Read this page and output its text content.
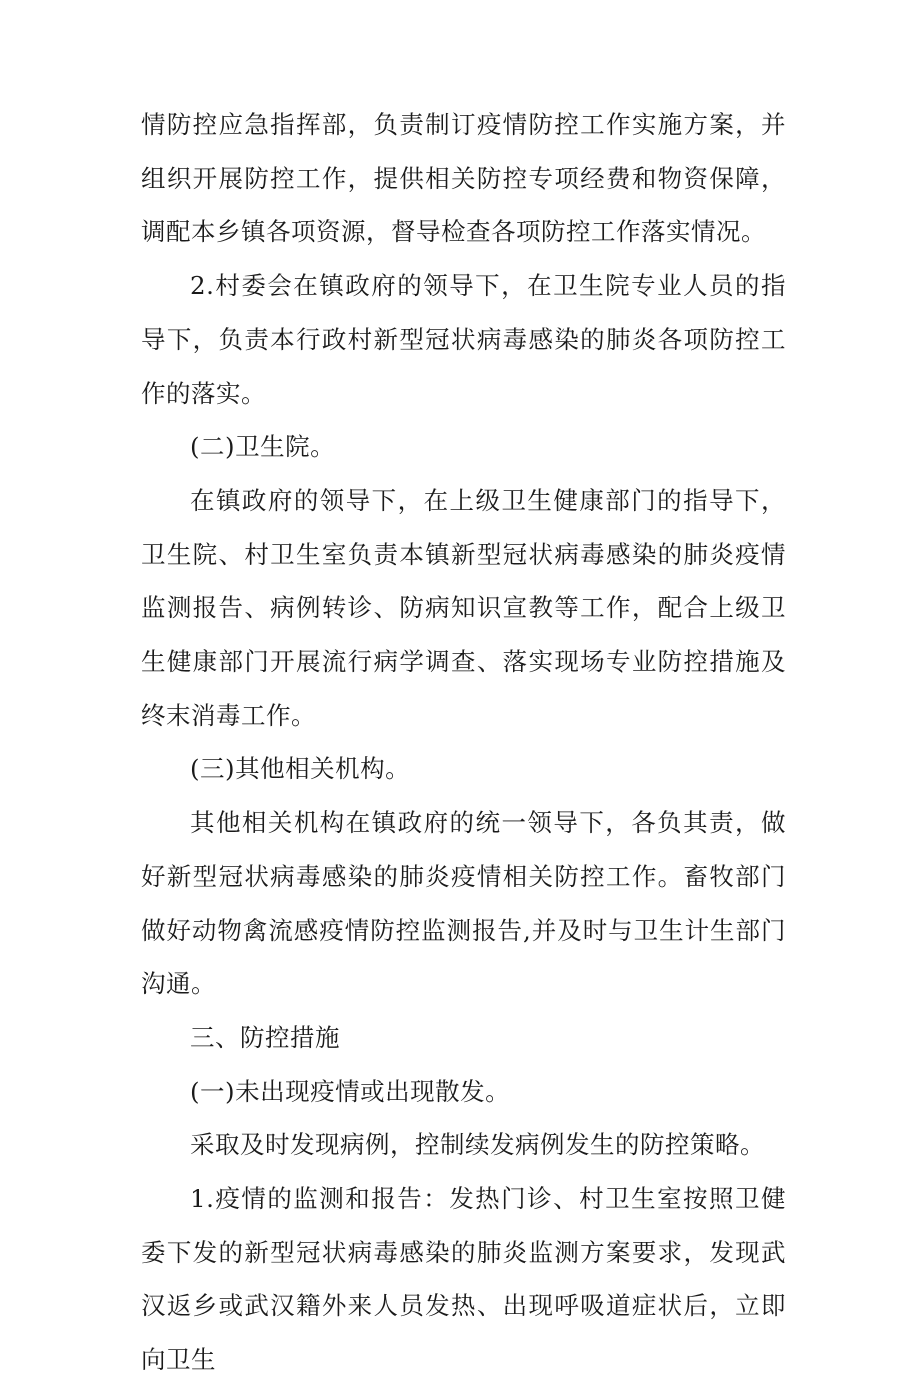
情防控应急指挥部，负责制订疫情防控工作实施方案，并组织开展防控工作，提供相关防控专项经费和物资保障，调配本乡镇各项资源，督导检查各项防控工作落实情况。

2.村委会在镇政府的领导下，在卫生院专业人员的指导下，负责本行政村新型冠状病毒感染的肺炎各项防控工作的落实。

(二)卫生院。

在镇政府的领导下，在上级卫生健康部门的指导下，卫生院、村卫生室负责本镇新型冠状病毒感染的肺炎疫情监测报告、病例转诊、防病知识宣教等工作，配合上级卫生健康部门开展流行病学调查、落实现场专业防控措施及终末消毒工作。

(三)其他相关机构。

其他相关机构在镇政府的统一领导下，各负其责，做好新型冠状病毒感染的肺炎疫情相关防控工作。畜牧部门做好动物禽流感疫情防控监测报告,并及时与卫生计生部门沟通。

三、防控措施

(一)未出现疫情或出现散发。

采取及时发现病例，控制续发病例发生的防控策略。

1.疫情的监测和报告：发热门诊、村卫生室按照卫健委下发的新型冠状病毒感染的肺炎监测方案要求，发现武汉返乡或武汉籍外来人员发热、出现呼吸道症状后，立即向卫生
